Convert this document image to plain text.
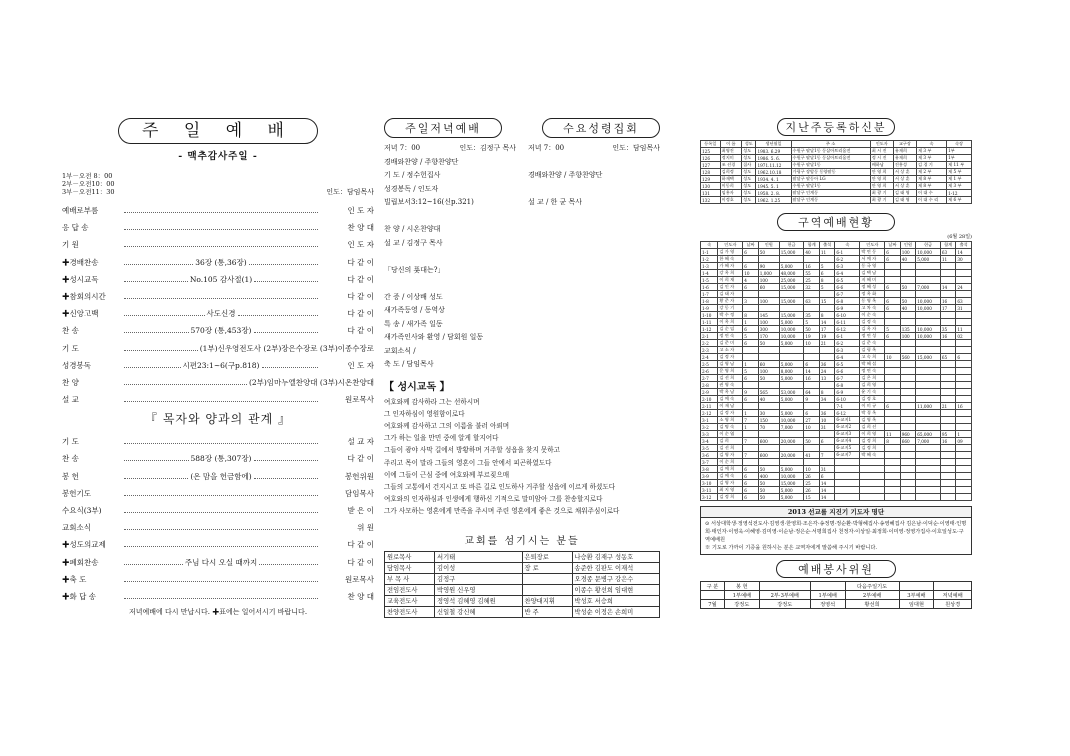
주 일 예 배
- 맥추감사주일 -
1부－오전 8：00
2부－오전10：00
3부－오전11：30	인도：담임목사
예배로부름	인 도 자
응 답 송	찬 양 대
기 원	인 도 자
✚경배찬송	36장 (통,36장)	다 같 이
✚성시교독	No.105 감사절(1)	다 같 이
✚참회의시간	다 같 이
✚신앙고백	사도신경	다 같 이
찬 송	570장 (통,453장)	다 같 이
기 도	(1부)신우영전도사 (2부)장은수장로 (3부)이종수장로
성경봉독	시편23:1~6(구p.818)	인 도 자
찬 양	(2부)임마누엘찬양대 (3부)시온찬양대
설 교	원로목사
『 목자와 양과의 관계 』
기 도	설 교 자
찬 송	588장 (통,307장)	다 같 이
봉 헌	(온 맘을 헌금함에)	봉헌위원
봉헌기도	담임목사
수요식(3부)	받 은 이
교회소식	위 원
✚성도의교제	다 같 이
✚폐회찬송	주님 다시 오실 때까지	다 같 이
✚축 도	원로목사
✚화 답 송	찬 양 대
저녁예배에 다시 만납시다. ✚표에는 일어서시기 바랍니다.
주일저녁예배	수요성령집회
저녁 7：00	인도：김정구 목사
경배와찬양 / 주향찬양단
기 도 / 정수헌집사
성경봉독 / 인도자
빌립보서3:12~16(신p.321)
찬 양 / 시온찬양대
설 교 / 김정구 목사
「당신의 푯대는?」
간 증 / 이상배 성도
새가족등영 / 동역상
특 송 / 새가족 일동
새가족인사와 환영 / 담회원 일동
교회소식 /
축 도 / 담임목사
저녁 7：00	인도：담임목사
경배와찬양 / 주향찬양단
설 교 / 한 균 목사
【 성시교독 】
여호와께 감사하라 그는 선하시며
그 인자하심이 영원함이로다
여호와께 감사하고 그의 이름을 불러 아뢰며
그가 하는 일을 만민 중에 알게 할지어다
그들이 광야 사막 길에서 방황하며 거주할 성읍을 찾지 못하고
주리고 목이 말라 그들의 영혼이 그들 안에서 피곤하였도다
이에 그들이 근심 중에 여호와께 부르짖으매
그들의 고통에서 건지시고 또 바른 길로 인도하사 거주할 성읍에 이르게 하셨도다
여호와의 인자하심과 인생에게 행하신 기적으로 말미암아 그를 찬송할지로다
그가 사모하는 영혼에게 만족을 주시며 주린 영혼에게 좋은 것으로 채워주심이로다
교회를 섬기시는 분들
원로목사	서기태	은퇴장로	나승환 김재구 성동호
담임목사	김이성	장 로	송준한 김판도 이재석
부 목 사	김정구		오경종 문병구 강은수
전임전도사	박영원 신우영		이종수 황선희 임대현
교육전도사	정영석 김혜영 김혜원	찬양대지휘	박성호 서승희
찬양전도사	신일철 강신혜	반 주	박성순 이정은 손희미
지난주등록하신분
등록일	이 름	성도	생년월일	주 소	인도자	교구장	속	속장
125	최영진	성도	1983. 6.29	수원구 팔달1동 동삼아트리움전	최 시 진	유재희	제 3 부	1부
126	정지미	성도	1986. 5. 6.	수원구 팔달1동 동삼아트리움전	정 시 진	유재희	제 3 부	1부
127	조 선경	집사	1971.11.12	수원구 팔달1동	배하남	진흥성	김 경 기	제 11 부
128	김희정	성도	1962.10.18	가평구 장암동 동양팔동	안 영 희	서 상 훈	제 2 부	제 5 부
129	하재택	성도	1934. 4. 1	팔달구 팔동아 LG	안 영 희	서 상 훈	제 8 부	제 1 부
130	이동희	성도	1945. 5. 1	수원구 팔달1동	안 영 희	서 상 훈	제 8 부	제 3 부
131	임홍자	성도	1958. 2. 8.	팔달구 인계동	최 광 기	김 태 영	이 대 수	1-12
132	이정호	성도	1962. 1.25	팔달구 인계동	최 광 기	김 태 영	이 대 수 리	제 6 부
구역예배현황
(6월 28일)
속	인도자	날짜	인원	헌금	합계	출석	속	인도자	날짜	인원	헌금	합계	출석
1-1	김 가 영	6	50	15,000	40	11	6-1	박 연 동	6	100	10,000	63	14
1-2	한 혜 숙						6-2	서 예 자	6	40	5,000	11	30
1-3	가 혜 자	6	90	5,000	16	5	6-3	동 국 영					
1-4	강 옥 희	10	1,000	48,000	55	6	6-4	김 택 남					
1-5	이 희 재	4	100	25,000	25	8	6-5	지 혜 미					
1-6	김 인 자	6	60	15,000	32	5	6-6	정 혜 성	6	50	7,000	14	24
1-7	김 태 자						6-7	정 옥 화					
1-8	황 준 자	3	100	15,000	63	15	6-8	동 영 옥	6	50	10,000	16	63
1-9	강 동 기						6-9	고 차 숙	6	40	10,000	17	31
1-10	박 수 정	8	145	15,000	35	8	6-10	이 순 숙					
1-11	이 옥 희	1	100	5,000	5	14	6-11	김 정 숙					
1-12	김 순 임	6	300	10,000	50	17	6-12	김 옥 자	5	135	10,000	35	11
2-1	정 연 숙	5	170	10,000	19	19	6-1	정 연 성	6	100	10,000	16	02
2-2	김 준 미	6	50	5,000	10	21	6-2	김 준 숙					
2-3	고 소 자						6-3	김 평 옥					
2-4	김 정 자						6-4	고 숙 희	10	560	15,000	65	6
2-5	김 영 남	1	60	5,000	6	36	6-5	박 혜 섭					
2-6	문 영 희	5	100	8,000	14	24	6-6	정 연 숙					
2-7	김 선 희	6	50	5,000	16	13	6-7	김 은 희					
2-8	권 영 숙						6-8	김 희 영					
2-9	박 옥 남	9	565	53,000	64	8	6-9	윤 기 숙					
2-10	김 예 숙	6	40	5,000	9	34	6-10	김 정 호					
2-11	이 재 남						7-1	이 미 규	6		11,000	21	16
2-12	김 정 자	1	30	5,000	6	36	6-12	박 경 옥					
3-1	소 영 희	7	150	10,000	27	10	6-교지1	김 영 옥					
3-2	김 명 숙	1	70	7,000	10	31	6-교지2	김 희 선					
3-3	이 순 엽						6-교지3	이 희 영	11	960	65,000	95	1
3-4	김 희	7	600	20,000	50	6	6-교지4	김 정 희	8	660	7,000	16	09
3-5	김 선 희						6-교지5	김 정 희					
3-6	김 영 자	7	600	20,000	41	7	6-교지7	박 혜 숙					
3-7	이 순 희												
3-8	김 예 희	6	50	5,000	10	31							
3-9	김 예 숙	6	400	10,000	26	6							
3-10	김 영 자	6	50	15,000	25	14							
3-11	최 지 영	6	50	5,000	26	14							
3-12	김 정 희	6	50	5,000	15	14							
2013 선교를 지진기 기도자 명단
⊙ 서상대학생·정영석전도사·김영생·한영희·조은각·송정명·정순환·박형혜집사·송영혜집사 김은남·이덕순·이영태·인명희·태인자·이영욱·이혜영·김미영·이순남·정은순·서평희집사 천정자·이상일·최정희·이미영·정영가집사·이호일성도·구역예배원
※ 기도로 가까이 기증을 원하시는 분은 교역자에게 말씀해 주시기 바랍니다.
예배봉사위원
구 분	봉 헌			다음주일기도		
	1부예배	2부·3부예배	1부예배	2부예배	3부예배	저녁예배
7월	강정도	강정도	정영석	황선희	임대현	원상경
